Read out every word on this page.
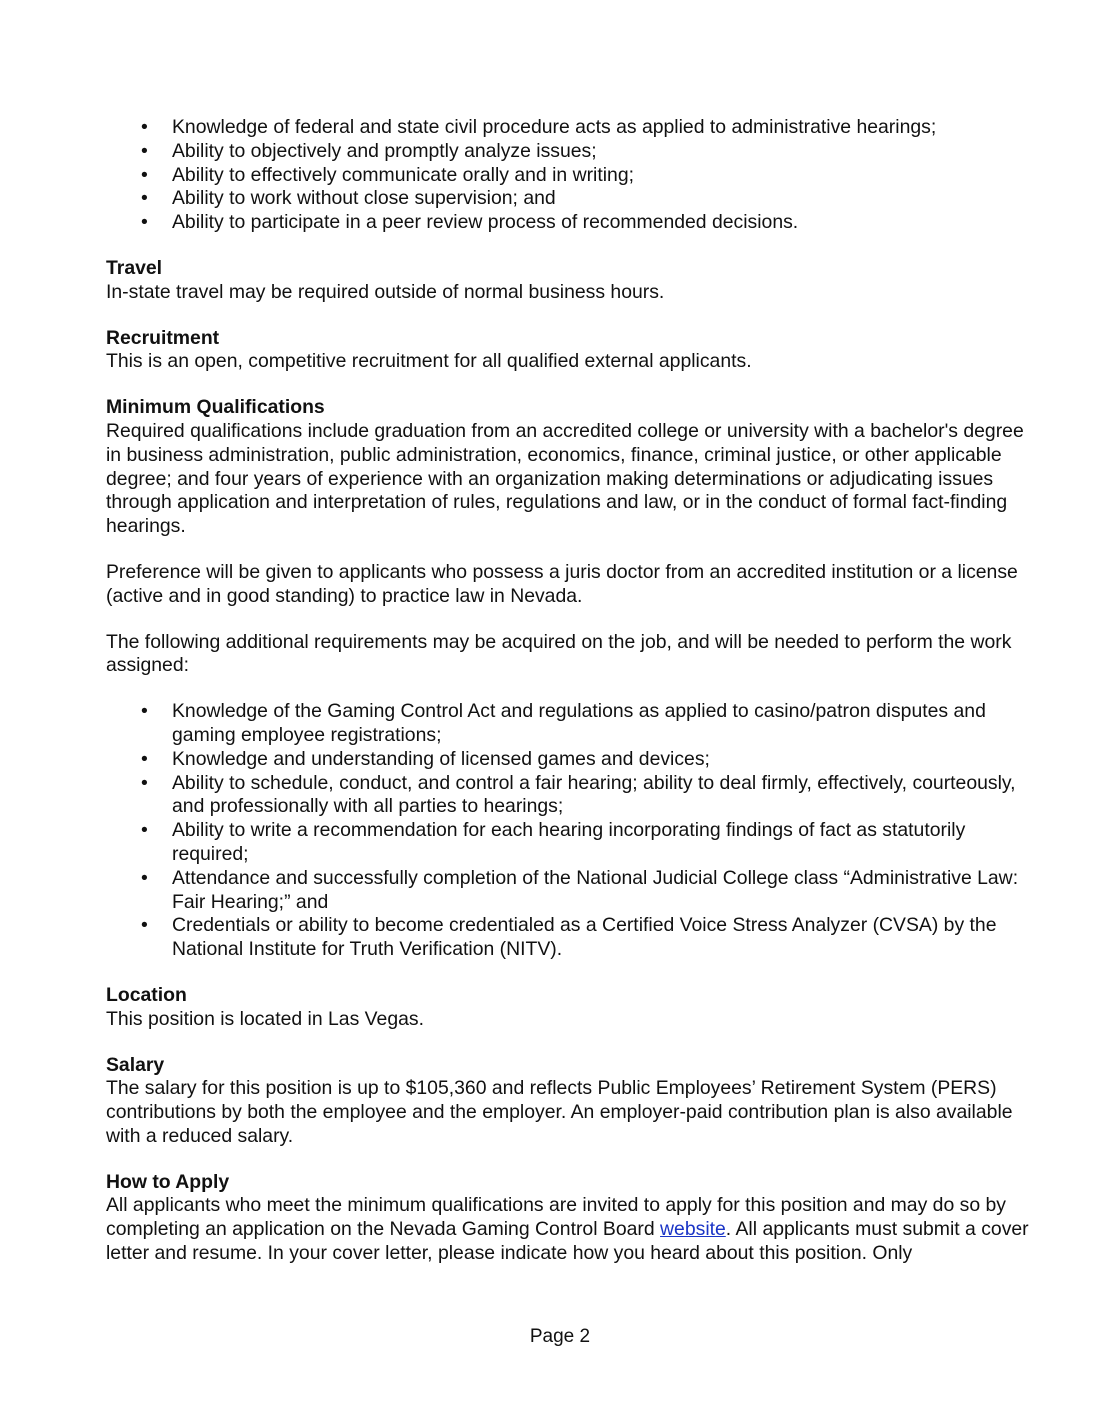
• Knowledge of federal and state civil procedure acts as applied to administrative hearings;
• Ability to objectively and promptly analyze issues;
• Ability to effectively communicate orally and in writing;
• Ability to work without close supervision; and
• Ability to participate in a peer review process of recommended decisions.

Travel

In-state travel may be required outside of normal business hours.

Recruitment

This is an open, competitive recruitment for all qualified external applicants.

Minimum Qualifications

Required qualifications include graduation from an accredited college or university with a bachelor's degree in business administration, public administration, economics, finance, criminal justice, or other applicable degree; and four years of experience with an organization making determinations or adjudicating issues through application and interpretation of rules, regulations and law, or in the conduct of formal fact-finding hearings.

Preference will be given to applicants who possess a juris doctor from an accredited institution or a license (active and in good standing) to practice law in Nevada.

The following additional requirements may be acquired on the job, and will be needed to perform the work assigned:

• Knowledge of the Gaming Control Act and regulations as applied to casino/patron disputes and gaming employee registrations;
• Knowledge and understanding of licensed games and devices;
• Ability to schedule, conduct, and control a fair hearing; ability to deal firmly, effectively, courteously, and professionally with all parties to hearings;
• Ability to write a recommendation for each hearing incorporating findings of fact as statutorily required;
• Attendance and successfully completion of the National Judicial College class “Administrative Law: Fair Hearing;” and
• Credentials or ability to become credentialed as a Certified Voice Stress Analyzer (CVSA) by the National Institute for Truth Verification (NITV).

Location

This position is located in Las Vegas.

Salary

The salary for this position is up to $105,360 and reflects Public Employees’ Retirement System (PERS) contributions by both the employee and the employer. An employer-paid contribution plan is also available with a reduced salary.

How to Apply

All applicants who meet the minimum qualifications are invited to apply for this position and may do so by completing an application on the Nevada Gaming Control Board website. All applicants must submit a cover letter and resume. In your cover letter, please indicate how you heard about this position. Only

Page 2
